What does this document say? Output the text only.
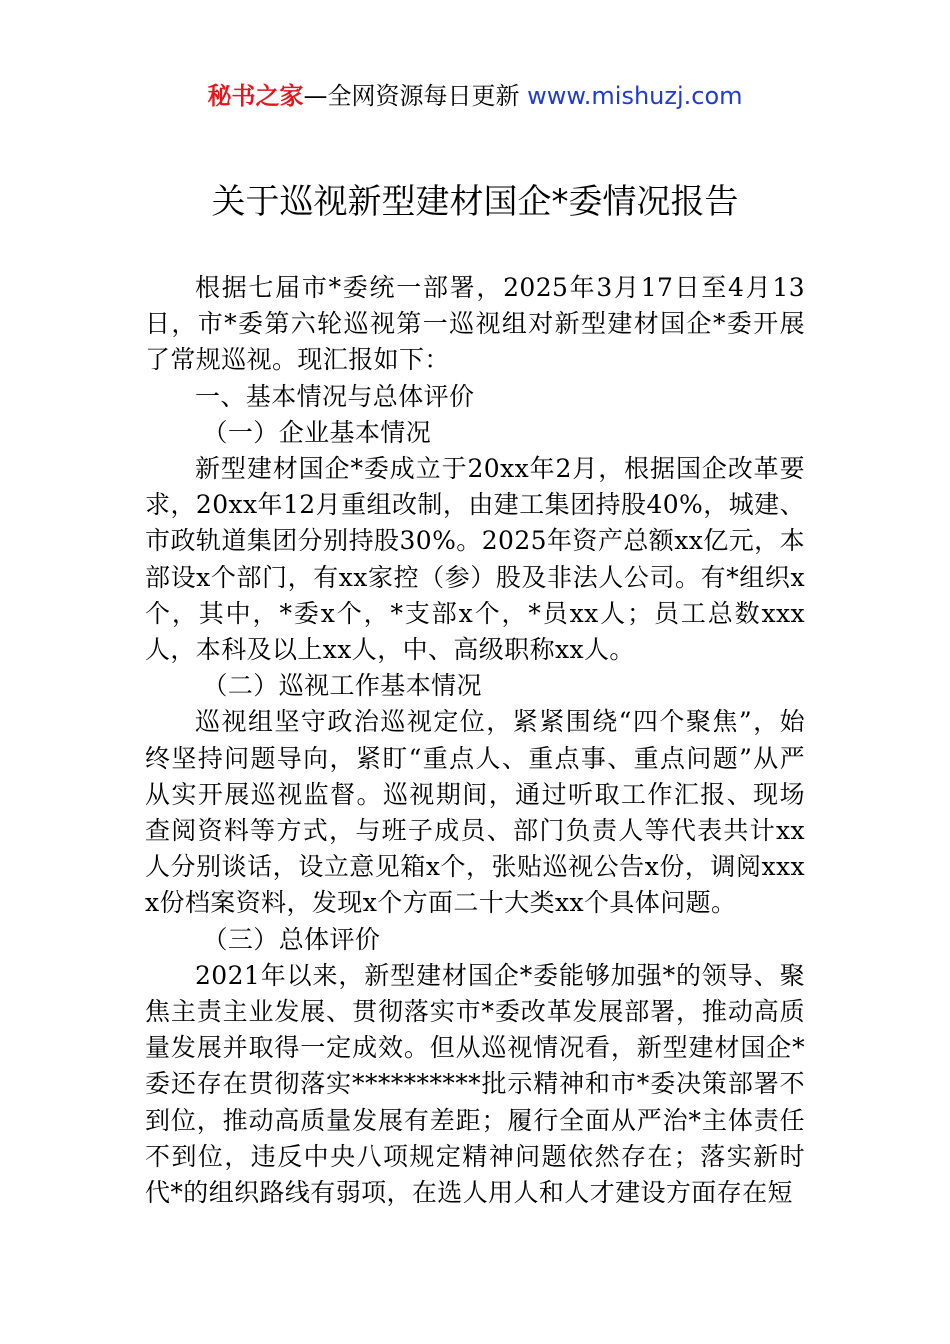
秘书之家—全网资源每日更新 www.mishuzj.com
关于巡视新型建材国企*委情况报告

根据七届市*委统一部署，2025年3月17日至4月13日，市*委第六轮巡视第一巡视组对新型建材国企*委开展了常规巡视。现汇报如下：

一、基本情况与总体评价

（一）企业基本情况

新型建材国企*委成立于20xx年2月，根据国企改革要求，20xx年12月重组改制，由建工集团持股40%，城建、市政轨道集团分别持股30%。2025年资产总额xx亿元，本部设x个部门，有xx家控（参）股及非法人公司。有*组织x个，其中，*委x个，*支部x个，*员xx人；员工总数xxx人，本科及以上xx人，中、高级职称xx人。

（二）巡视工作基本情况

巡视组坚守政治巡视定位，紧紧围绕“四个聚焦”，始终坚持问题导向，紧盯“重点人、重点事、重点问题”从严从实开展巡视监督。巡视期间，通过听取工作汇报、现场查阅资料等方式，与班子成员、部门负责人等代表共计xx人分别谈话，设立意见箱x个，张贴巡视公告x份，调阅xxxx份档案资料，发现x个方面二十大类xx个具体问题。

（三）总体评价

2021年以来，新型建材国企*委能够加强*的领导、聚焦主责主业发展、贯彻落实市*委改革发展部署，推动高质量发展并取得一定成效。但从巡视情况看，新型建材国企*委还存在贯彻落实**********批示精神和市*委决策部署不到位，推动高质量发展有差距；履行全面从严治*主体责任不到位，违反中央八项规定精神问题依然存在；落实新时代*的组织路线有弱项，在选人用人和人才建设方面存在短
